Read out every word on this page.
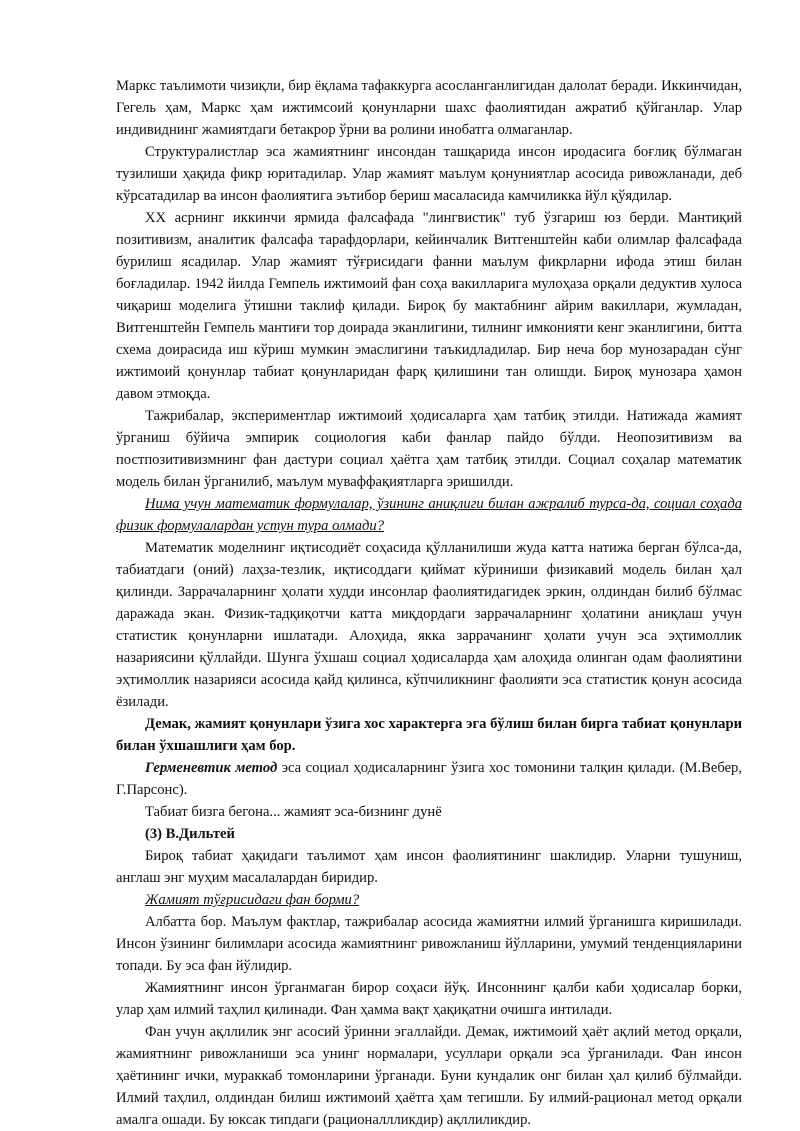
Маркс таълимоти чизиқли, бир ёқлама тафаккурга асосланганлигидан далолат беради. Иккинчидан, Гегель ҳам, Маркс ҳам ижтимсоий қонунларни шахс фаолиятидан ажратиб қўйганлар. Улар индивиднинг жамиятдаги бетакрор ўрни ва ролини инобатга олмаганлар.

Структуралистлар эса жамиятнинг инсондан ташқарида инсон иродасига боғлиқ бўлмаган тузилиши ҳақида фикр юритадилар. Улар жамият маълум қонуниятлар асосида ривожланади, деб кўрсатадилар ва инсон фаолиятига эътибор бериш масаласида камчиликка йўл қўядилар.

XX асрнинг иккинчи ярмида фалсафада "лингвистик" туб ўзгариш юз берди. Мантиқий позитивизм, аналитик фалсафа тарафдорлари, кейинчалик Витгенштейн каби олимлар фалсафада бурилиш ясадилар. Улар жамият тўғрисидаги фанни маълум фикрларни ифода этиш билан боғладилар. 1942 йилда Гемпель ижтимоий фан соҳа вакилларига мулоҳаза орқали дедуктив хулоса чиқариш моделига ўтишни таклиф қилади. Бироқ бу мактабнинг айрим вакиллари, жумладан, Витгенштейн Гемпель мантиғи тор доирада эканлигини, тилнинг имконияти кенг эканлигини, битта схема доирасида иш кўриш мумкин эмаслигини таъкидладилар. Бир неча бор мунозарадан сўнг ижтимоий қонунлар табиат қонунларидан фарқ қилишини тан олишди. Бироқ мунозара ҳамон давом этмоқда.

Тажрибалар, экспериментлар ижтимоий ҳодисаларга ҳам татбиқ этилди. Натижада жамият ўрганиш бўйича эмпирик социология каби фанлар пайдо бўлди. Неопозитивизм ва постпозитивизмнинг фан дастури социал ҳаётга ҳам татбиқ этилди. Социал соҳалар математик модель билан ўрганилиб, маълум муваффақиятларга эришилди.

Нима учун математик формулалар, ўзининг аниқлиги билан ажралиб турса-да, социал соҳада физик формулалардан устун тура олмади?

Математик моделнинг иқтисодиёт соҳасида қўлланилиши жуда катта натижа берган бўлса-да, табиатдаги (оний) лаҳза-тезлик, иқтисоддаги қиймат кўриниши физикавий модель билан ҳал қилинди. Заррачаларнинг ҳолати худди инсонлар фаолиятидагидек эркин, олдиндан билиб бўлмас даражада экан. Физик-тадқиқотчи катта миқдордаги заррачаларнинг ҳолатини аниқлаш учун статистик қонунларни ишлатади. Алоҳида, якка заррачанинг ҳолати учун эса эҳтимоллик назариясини қўллайди. Шунга ўхшаш социал ҳодисаларда ҳам алоҳида олинган одам фаолиятини эҳтимоллик назарияси асосида қайд қилинса, кўпчиликнинг фаолияти эса статистик қонун асосида ёзилади.

Демак, жамият қонунлари ўзига хос характерга эга бўлиш билан бирга табиат қонунлари билан ўхшашлиги ҳам бор.

Герменевтик метод эса социал ҳодисаларнинг ўзига хос томонини талқин қилади. (М.Вебер, Г.Парсонс).

Табиат бизга бегона... жамият эса-бизнинг дунё

(3) В.Дильтей

Бироқ табиат ҳақидаги таълимот ҳам инсон фаолиятининг шаклидир. Уларни тушуниш, англаш энг муҳим масалалардан биридир.

Жамият тўғрисидаги фан борми?

Албатта бор. Маълум фактлар, тажрибалар асосида жамиятни илмий ўрганишга киришилади. Инсон ўзининг билимлари асосида жамиятнинг ривожланиш йўлларини, умумий тенденцияларини топади. Бу эса фан йўлидир.

Жамиятнинг инсон ўрганмаган бирор соҳаси йўқ. Инсоннинг қалби каби ҳодисалар борки, улар ҳам илмий таҳлил қилинади. Фан ҳамма вақт ҳақиқатни очишга интилади.

Фан учун ақллилик энг асосий ўринни эгаллайди. Демак, ижтимоий ҳаёт ақлий метод орқали, жамиятнинг ривожланиши эса унинг нормалари, усуллари орқали эса ўрганилади. Фан инсон ҳаётининг ички, мураккаб томонларини ўрганади. Буни кундалик онг билан ҳал қилиб бўлмайди. Илмий таҳлил, олдиндан билиш ижтимоий ҳаётга ҳам тегишли. Бу илмий-рационал метод орқали амалга ошади. Бу юксак типдаги (рационаллликдир) ақллиликдир.
